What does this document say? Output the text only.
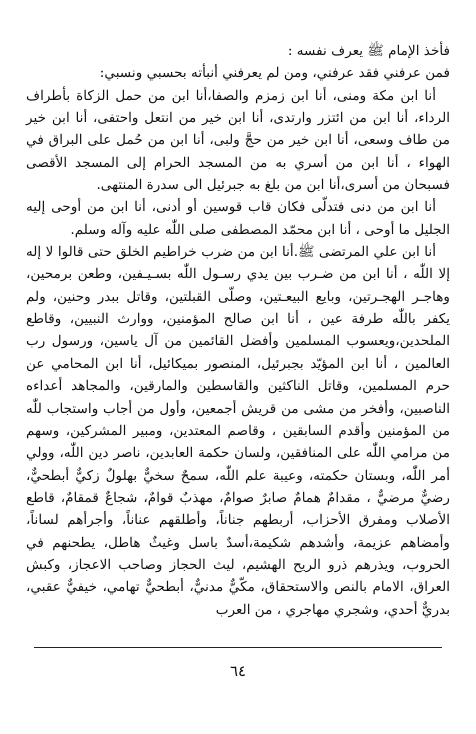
فأخذ الإمام ﷺ يعرف نفسه :

فمن عرفني فقد عرفني، ومن لم يعرفني أنبأته بحسبي ونسبي:

أنا ابن مكة ومنى، أنا ابن زمزم والصفا،أنا ابن من حمل الزكاة بأطراف الرداء، أنا ابن من ائتزر وارتدى، أنا ابن خير من انتعل واحتفى، أنا ابن خير من طاف وسعى، أنا ابن خير من حجَّ ولبى، أنا ابن من حُمل على البراق في الهواء ، أنا ابن من أسري به من المسجد الحرام إلى المسجد الأقصى فسبحان من أسرى،أنا ابن من بلغ به جبرئيل الى سدرة المنتهى.

أنا ابن من دنى فتدلّى فكان قاب قوسين أو أدنى، أنا ابن من أوحى إليه الجليل ما أوحى ، أنا ابن محمّد المصطفى صلى اللّٰه عليه وآله وسلم.

أنا ابن علي المرتضى ﷺ.أنا ابن من ضرب خراطيم الخلق حتى قالوا لا إله إلا اللّٰه ، أنا ابن من ضـرب بين يدي رسـول اللّٰه بسـيـفين، وطعن برمحين، وهاجـر الهجـرتين، وبايع البيعـتين، وصلّى القبلتين، وقاتل ببدر وحنين، ولم يكفر باللّٰه طرفة عين ، أنا ابن صالح المؤمنين، ووارث النبيين، وقاطع الملحدين،ويعسوب المسلمين وأفضل القائمين من آل ياسين، ورسول رب العالمين ، أنا ابن المؤيّد بجبرئيل، المنصور بميكائيل، أنا ابن المحامي عن حرم المسلمين، وقاتل الناكثين والقاسطين والمارقين، والمجاهد أعداءه الناصبين، وأفخر من مشى من قريش أجمعين، وأول من أجاب واستجاب للّٰه من المؤمنين وأقدم السابقين ، وقاصم المعتدين، ومبير المشركين، وسهم من مرامي اللّٰه على المنافقين، ولسان حكمة العابدين، ناصر دين اللّٰه، وولي أمر اللّٰه، وبستان حكمته، وعيبة علم اللّٰه، سمحٌ سخيٌّ بهلولٌ زكيٌّ أبطحيٌّ، رضيٌّ مرضيٌّ ، مقدامٌ همامٌ صابرٌ صوامٌ، مهذبٌ قوامٌ، شجاعٌ قمقامٌ، قاطع الأصلاب ومفرق الأحزاب، أربطهم جناناً، وأطلقهم عناناً، وأجرأهم لساناً، وأمضاهم عزيمة، وأشدهم شكيمة،أسدٌ باسل وغيثٌ هاطل، يطحنهم في الحروب، ويذرهم ذرو الريح الهشيم، ليث الحجاز وصاحب الاعجاز، وكبش العراق، الامام بالنص والاستحقاق، مكّيٌّ مدنيٌّ، أبطحيٌّ تهامي، خيفيٌّ عقبي، بدريٌّ أحدي، وشجري مهاجري ، من العرب

٦٤
